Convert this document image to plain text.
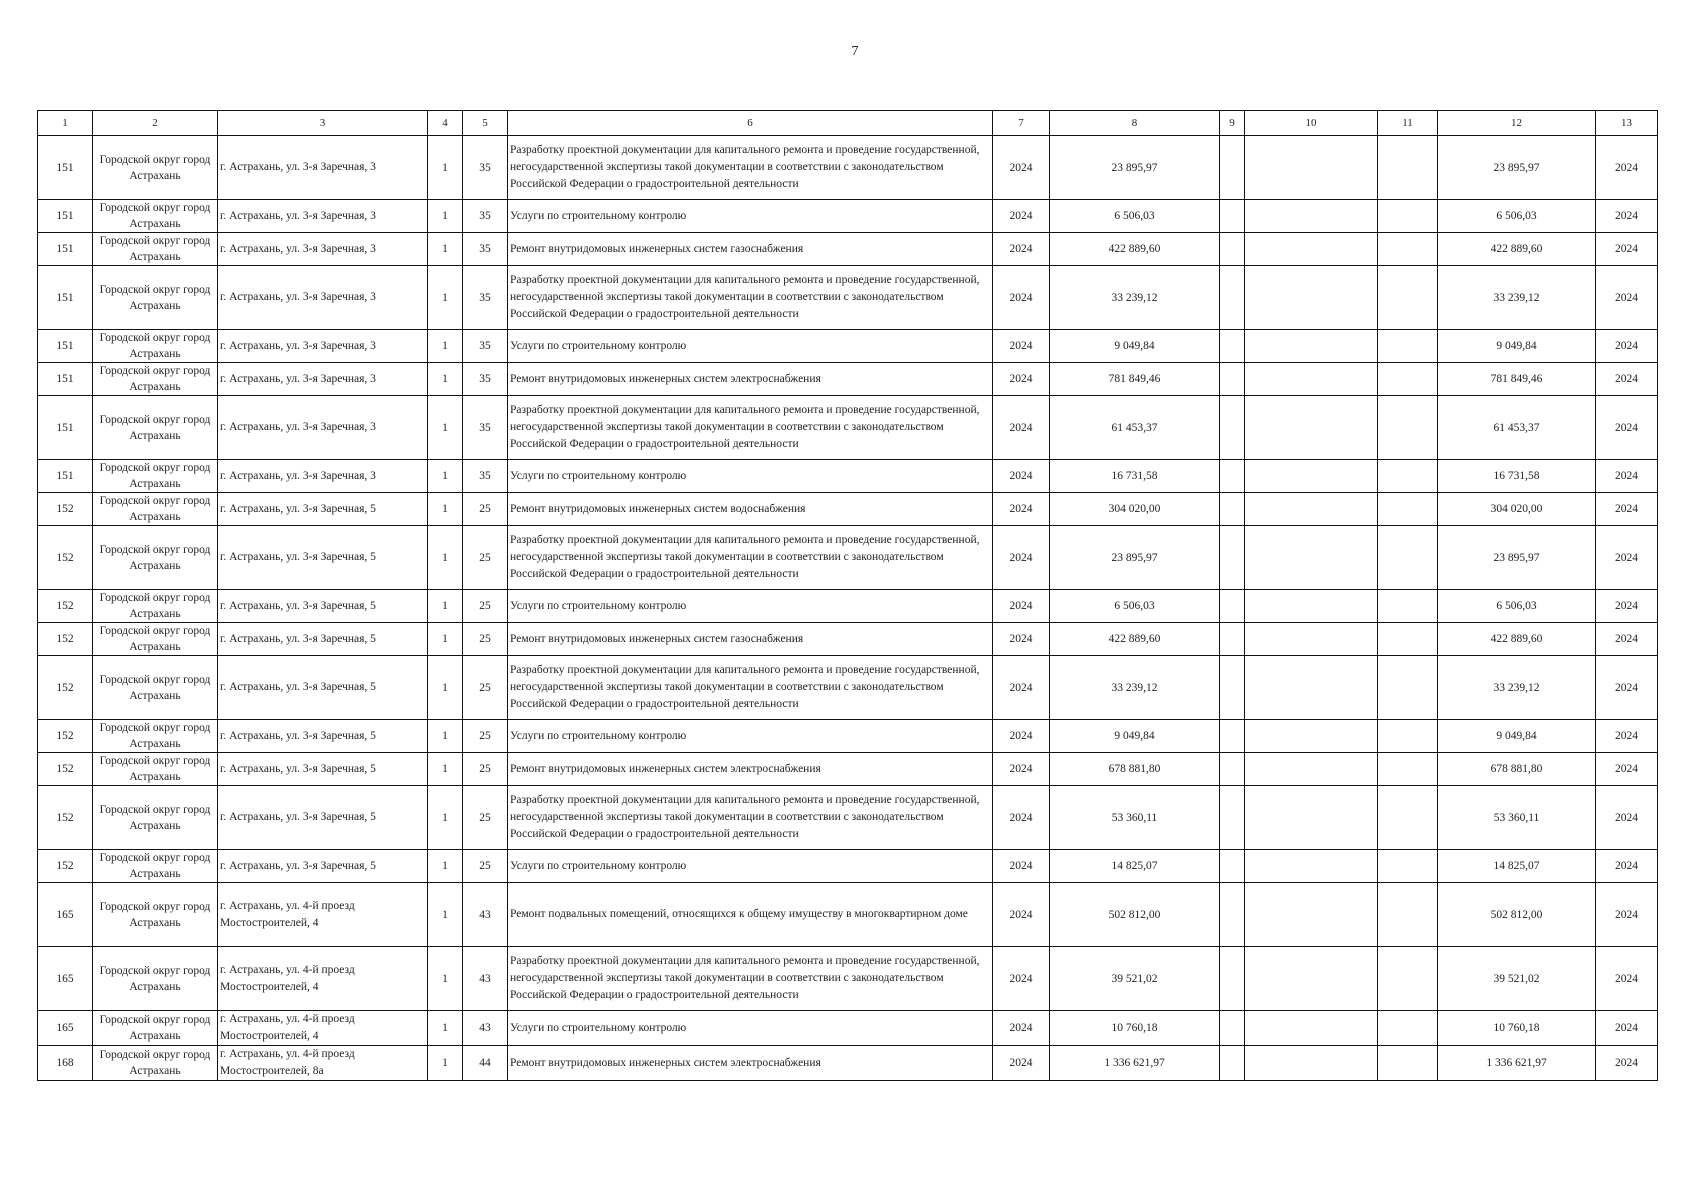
7
1	2	3	4	5	6	7	8	9	10	11	12	13
151	Городской округ город Астрахань	г. Астрахань, ул. 3-я Заречная, 3	1	35	Разработку проектной документации для капитального ремонта и проведение государственной, негосударственной экспертизы такой документации в соответствии с законодательством Российской Федерации о градостроительной деятельности	2024	23 895,97				23 895,97	2024
151	Городской округ город Астрахань	г. Астрахань, ул. 3-я Заречная, 3	1	35	Услуги по строительному контролю	2024	6 506,03				6 506,03	2024
151	Городской округ город Астрахань	г. Астрахань, ул. 3-я Заречная, 3	1	35	Ремонт внутридомовых инженерных систем газоснабжения	2024	422 889,60				422 889,60	2024
151	Городской округ город Астрахань	г. Астрахань, ул. 3-я Заречная, 3	1	35	Разработку проектной документации для капитального ремонта и проведение государственной, негосударственной экспертизы такой документации в соответствии с законодательством Российской Федерации о градостроительной деятельности	2024	33 239,12				33 239,12	2024
151	Городской округ город Астрахань	г. Астрахань, ул. 3-я Заречная, 3	1	35	Услуги по строительному контролю	2024	9 049,84				9 049,84	2024
151	Городской округ город Астрахань	г. Астрахань, ул. 3-я Заречная, 3	1	35	Ремонт внутридомовых инженерных систем электроснабжения	2024	781 849,46				781 849,46	2024
151	Городской округ город Астрахань	г. Астрахань, ул. 3-я Заречная, 3	1	35	Разработку проектной документации для капитального ремонта и проведение государственной, негосударственной экспертизы такой документации в соответствии с законодательством Российской Федерации о градостроительной деятельности	2024	61 453,37				61 453,37	2024
151	Городской округ город Астрахань	г. Астрахань, ул. 3-я Заречная, 3	1	35	Услуги по строительному контролю	2024	16 731,58				16 731,58	2024
152	Городской округ город Астрахань	г. Астрахань, ул. 3-я Заречная, 5	1	25	Ремонт внутридомовых инженерных систем водоснабжения	2024	304 020,00				304 020,00	2024
152	Городской округ город Астрахань	г. Астрахань, ул. 3-я Заречная, 5	1	25	Разработку проектной документации для капитального ремонта и проведение государственной, негосударственной экспертизы такой документации в соответствии с законодательством Российской Федерации о градостроительной деятельности	2024	23 895,97				23 895,97	2024
152	Городской округ город Астрахань	г. Астрахань, ул. 3-я Заречная, 5	1	25	Услуги по строительному контролю	2024	6 506,03				6 506,03	2024
152	Городской округ город Астрахань	г. Астрахань, ул. 3-я Заречная, 5	1	25	Ремонт внутридомовых инженерных систем газоснабжения	2024	422 889,60				422 889,60	2024
152	Городской округ город Астрахань	г. Астрахань, ул. 3-я Заречная, 5	1	25	Разработку проектной документации для капитального ремонта и проведение государственной, негосударственной экспертизы такой документации в соответствии с законодательством Российской Федерации о градостроительной деятельности	2024	33 239,12				33 239,12	2024
152	Городской округ город Астрахань	г. Астрахань, ул. 3-я Заречная, 5	1	25	Услуги по строительному контролю	2024	9 049,84				9 049,84	2024
152	Городской округ город Астрахань	г. Астрахань, ул. 3-я Заречная, 5	1	25	Ремонт внутридомовых инженерных систем электроснабжения	2024	678 881,80				678 881,80	2024
152	Городской округ город Астрахань	г. Астрахань, ул. 3-я Заречная, 5	1	25	Разработку проектной документации для капитального ремонта и проведение государственной, негосударственной экспертизы такой документации в соответствии с законодательством Российской Федерации о градостроительной деятельности	2024	53 360,11				53 360,11	2024
152	Городской округ город Астрахань	г. Астрахань, ул. 3-я Заречная, 5	1	25	Услуги по строительному контролю	2024	14 825,07				14 825,07	2024
165	Городской округ город Астрахань	г. Астрахань, ул. 4-й проезд Мостостроителей, 4	1	43	Ремонт подвальных помещений, относящихся к общему имуществу в многоквартирном доме	2024	502 812,00				502 812,00	2024
165	Городской округ город Астрахань	г. Астрахань, ул. 4-й проезд Мостостроителей, 4	1	43	Разработку проектной документации для капитального ремонта и проведение государственной, негосударственной экспертизы такой документации в соответствии с законодательством Российской Федерации о градостроительной деятельности	2024	39 521,02				39 521,02	2024
165	Городской округ город Астрахань	г. Астрахань, ул. 4-й проезд Мостостроителей, 4	1	43	Услуги по строительному контролю	2024	10 760,18				10 760,18	2024
168	Городской округ город Астрахань	г. Астрахань, ул. 4-й проезд Мостостроителей, 8а	1	44	Ремонт внутридомовых инженерных систем электроснабжения	2024	1 336 621,97				1 336 621,97	2024
